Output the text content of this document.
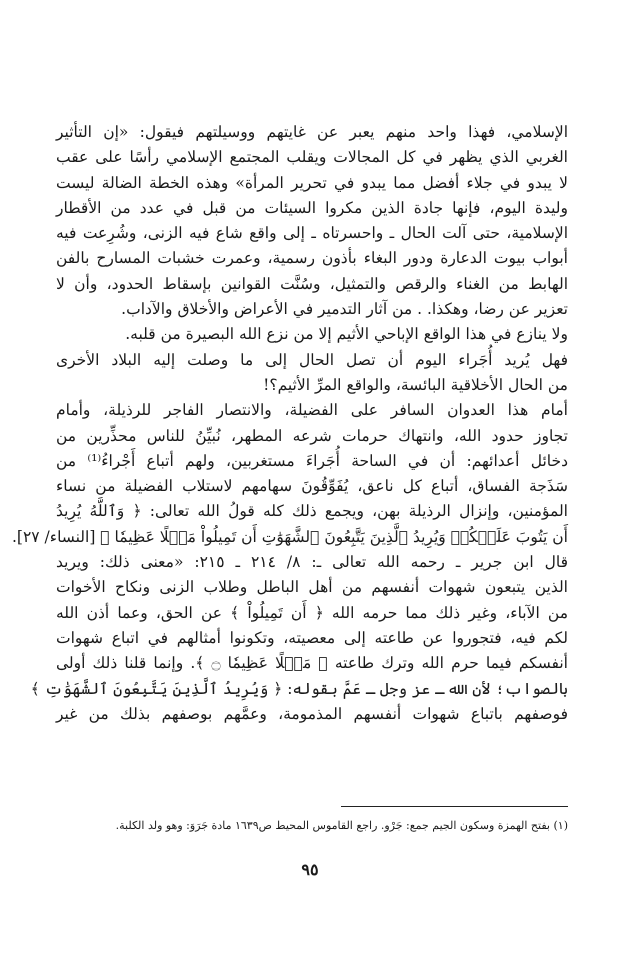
الإسلامي، فهذا واحد منهم يعبر عن غايتهم ووسيلتهم فيقول: «إن التأثير
الغربي الذي يظهر في كل المجالات ويقلب المجتمع الإسلامي رأسًا على عقب
لا يبدو في جلاء أفضل مما يبدو في تحرير المرأة» وهذه الخطة الضالة ليست
وليدة اليوم، فإنها جادة الذين مكروا السيئات من قبل في عدد من الأقطار
الإسلامية، حتى آلت الحال ـ واحسرتاه ـ إلى واقع شاع فيه الزنى، وشُرِعت فيه
أبواب بيوت الدعارة ودور البغاء بأذون رسمية، وعمرت خشبات المسارح بالفن
الهابط من الغناء والرقص والتمثيل، وسُنَّت القوانين بإسقاط الحدود، وأن لا
تعزير عن رضا، وهكذا. . من آثار التدمير في الأعراض والأخلاق والآداب.
ولا ينازع في هذا الواقع الإباحي الأثيم إلا من نزع الله البصيرة من قلبه.
فهل يُريد أُجَراء اليوم أن تصل الحال إلى ما وصلت إليه البلاد الأخرى
من الحال الأخلاقية البائسة، والواقع المرِّ الأثيم؟!
أمام هذا العدوان السافر على الفضيلة، والانتصار الفاجر للرذيلة، وأمام
تجاوز حدود الله، وانتهاك حرمات شرعه المطهر، نُبيِّنُ للناس محذِّرين من
دخائل أعدائهم: أن في الساحة أُجَراءَ مستغربين، ولهم أتباع أَجْراءُ⁽¹⁾ من
سَذَجة الفساق، أتباع كل ناعق، يُفَوِّقُونَ سهامهم لاستلاب الفضيلة من نساء
المؤمنين، وإنزال الرذيلة بهن، ويجمع ذلك كله قولُ الله تعالى: ﴿ وَٱللَّهُ يُرِيدُ
أَن يَتُوبَ عَلَيۡكُمۡ وَيُرِيدُ ٱلَّذِينَ يَتَّبِعُونَ ٱلشَّهَوَٰتِ أَن تَمِيلُواْ مَيۡلًا عَظِيمٗا ﴾ [النساء/ ٢٧].
قال ابن جرير ـ رحمه الله تعالى ـ: ٨/ ٢١٤ ـ ٢١٥: «معنى ذلك: ويريد
الذين يتبعون شهوات أنفسهم من أهل الباطل وطلاب الزنى ونكاح الأخوات
من الآباء، وغير ذلك مما حرمه الله ﴿ أَن تَمِيلُواْ ﴾ عن الحق، وعما أذن الله
لكم فيه، فتجوروا عن طاعته إلى معصيته، وتكونوا أمثالهم في اتباع شهوات
أنفسكم فيما حرم الله وترك طاعته ﴿ مَيۡلًا عَظِيمٗا ۝ ﴾. وإنما قلنا ذلك أولى
بالصواب؛ لأن الله ـ عز وجل ـ عَمَّ بقوله: ﴿ وَيُرِيدُ ٱلَّذِينَ يَتَّبِعُونَ ٱلشَّهَوَٰتِ ﴾
فوصفهم باتباع شهوات أنفسهم المذمومة، وعمَّهم بوصفهم بذلك من غير
(١) بفتح الهمزة وسكون الجيم جمع: جَرْو. راجع القاموس المحيط ص١٦٣٩ مادة جَرَوَ: وهو ولد الكلبة.
٩٥
